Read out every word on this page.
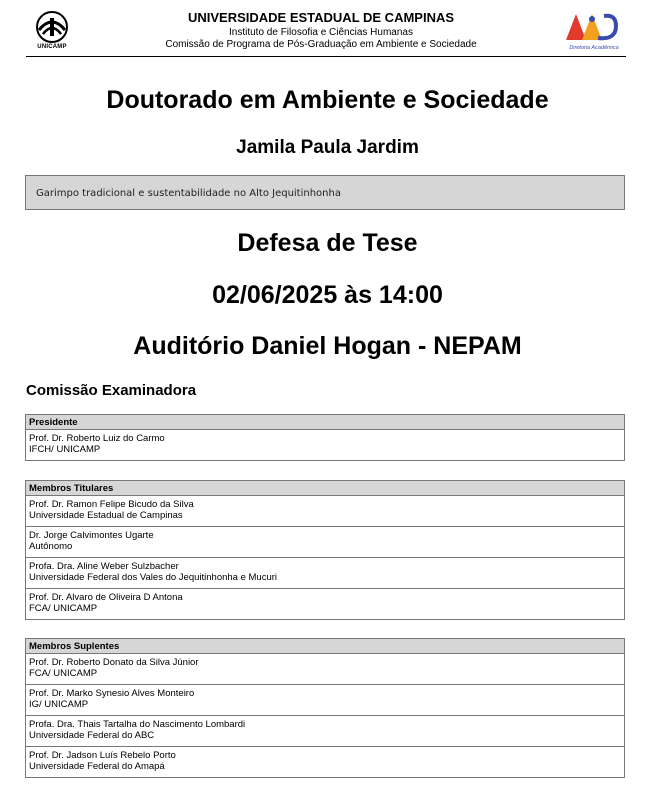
UNICAMP
UNIVERSIDADE ESTADUAL DE CAMPINAS
Instituto de Filosofia e Ciências Humanas
Comissão de Programa de Pós-Graduação em Ambiente e Sociedade	Diretoria Acadêmica
Doutorado em Ambiente e Sociedade
Jamila Paula Jardim
Garimpo tradicional e sustentabilidade no Alto Jequitinhonha
Defesa de Tese
02/06/2025 às 14:00
Auditório Daniel Hogan - NEPAM
Comissão Examinadora
Presidente
Prof. Dr. Roberto Luiz do Carmo
IFCH/ UNICAMP
Membros Titulares
Prof. Dr. Ramon Felipe Bicudo da Silva
Universidade Estadual de Campinas
Dr. Jorge Calvimontes Ugarte
Autônomo
Profa. Dra. Aline Weber Sulzbacher
Universidade Federal dos Vales do Jequitinhonha e Mucuri
Prof. Dr. Alvaro de Oliveira D Antona
FCA/ UNICAMP
Membros Suplentes
Prof. Dr. Roberto Donato da Silva Júnior
FCA/ UNICAMP
Prof. Dr. Marko Synesio Alves Monteiro
IG/ UNICAMP
Profa. Dra. Thais Tartalha do Nascimento Lombardi
Universidade Federal do ABC
Prof. Dr. Jadson Luís Rebelo Porto
Universidade Federal do Amapá
